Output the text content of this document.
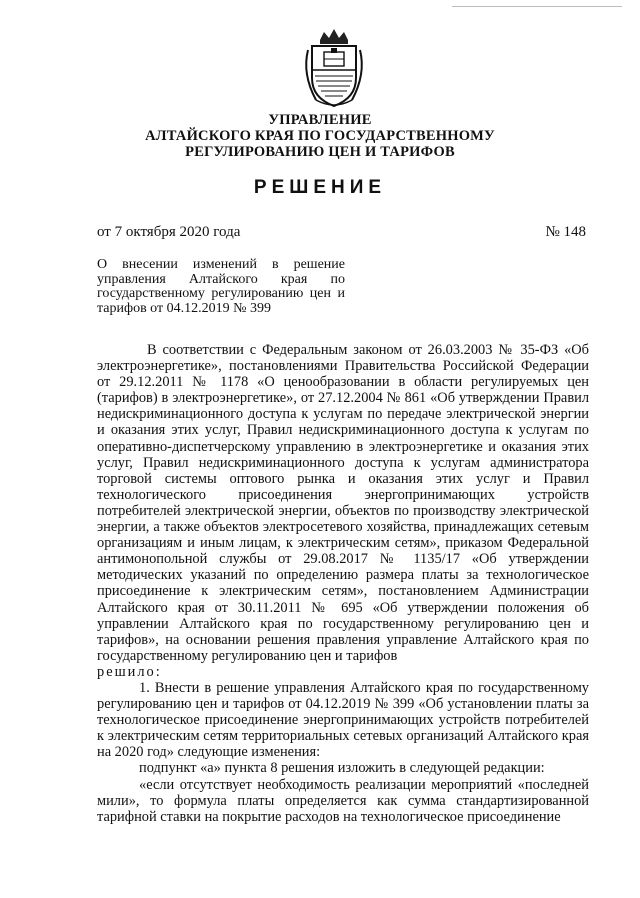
УПРАВЛЕНИЕ
АЛТАЙСКОГО КРАЯ ПО ГОСУДАРСТВЕННОМУ
РЕГУЛИРОВАНИЮ ЦЕН И ТАРИФОВ
РЕШЕНИЕ
от 7 октября 2020 года	№ 148
О внесении изменений в решение управления Алтайского края по государственному регулированию цен и тарифов от 04.12.2019 № 399

В соответствии с Федеральным законом от 26.03.2003 № 35-ФЗ «Об электроэнергетике», постановлениями Правительства Российской Федерации от 29.12.2011 № 1178 «О ценообразовании в области регулируемых цен (тарифов) в электроэнергетике», от 27.12.2004 № 861 «Об утверждении Правил недискриминационного доступа к услугам по передаче электрической энергии и оказания этих услуг, Правил недискриминационного доступа к услугам по оперативно-диспетчерскому управлению в электроэнергетике и оказания этих услуг, Правил недискриминационного доступа к услугам администратора торговой системы оптового рынка и оказания этих услуг и Правил технологического присоединения энергопринимающих устройств потребителей электрической энергии, объектов по производству электрической энергии, а также объектов электросетевого хозяйства, принадлежащих сетевым организациям и иным лицам, к электрическим сетям», приказом Федеральной антимонопольной службы от 29.08.2017 № 1135/17 «Об утверждении методических указаний по определению размера платы за технологическое присоединение к электрическим сетям», постановлением Администрации Алтайского края от 30.11.2011 № 695 «Об утверждении положения об управлении Алтайского края по государственному регулированию цен и тарифов», на основании решения правления управление Алтайского края по государственному регулированию цен и тарифов

решило:

1. Внести в решение управления Алтайского края по государственному регулированию цен и тарифов от 04.12.2019 № 399 «Об установлении платы за технологическое присоединение энергопринимающих устройств потребителей к электрическим сетям территориальных сетевых организаций Алтайского края на 2020 год» следующие изменения:

подпункт «а» пункта 8 решения изложить в следующей редакции:

«если отсутствует необходимость реализации мероприятий «последней мили», то формула платы определяется как сумма стандартизированной тарифной ставки на покрытие расходов на технологическое присоединение
